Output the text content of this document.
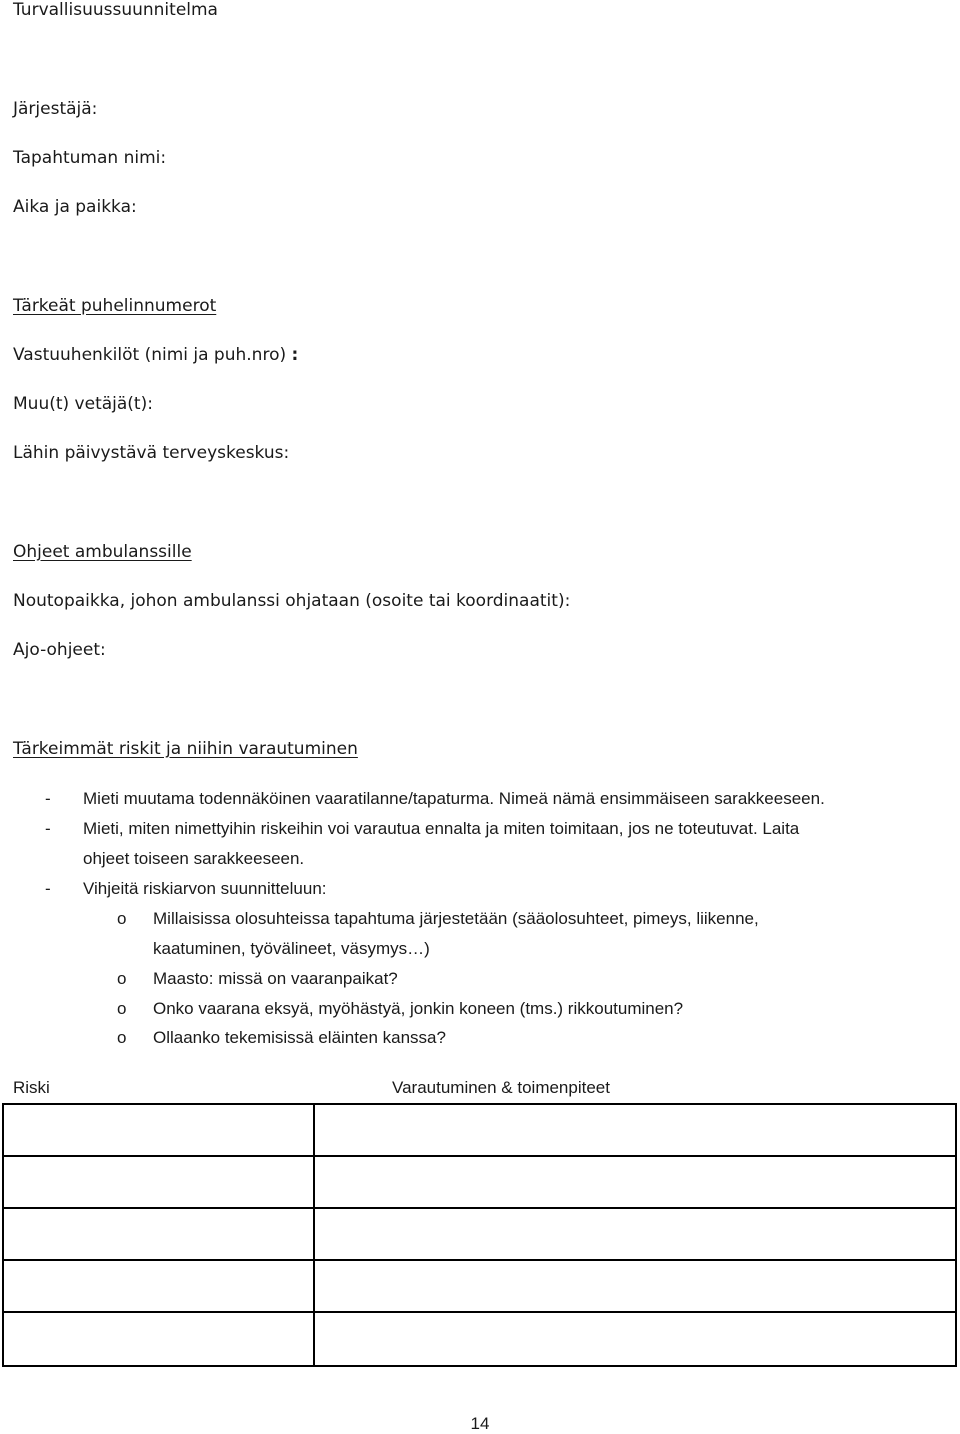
Turvallisuussuunnitelma
Järjestäjä:
Tapahtuman nimi:
Aika ja paikka:
Tärkeät puhelinnumerot
Vastuuhenkilöt (nimi ja puh.nro) :
Muu(t) vetäjä(t):
Lähin päivystävä terveyskeskus:
Ohjeet ambulanssille
Noutopaikka, johon ambulanssi ohjataan (osoite tai koordinaatit):
Ajo-ohjeet:
Tärkeimmät riskit ja niihin varautuminen
- Mieti muutama todennäköinen vaaratilanne/tapaturma. Nimeä nämä ensimmäiseen sarakkeeseen.
- Mieti, miten nimettyihin riskeihin voi varautua ennalta ja miten toimitaan, jos ne toteutuvat. Laita
ohjeet toiseen sarakkeeseen.
- Vihjeitä riskiarvon suunnitteluun:
o Millaisissa olosuhteissa tapahtuma järjestetään (sääolosuhteet, pimeys, liikenne,
kaatuminen, työvälineet, väsymys…)
o Maasto: missä on vaaranpaikat?
o Onko vaarana eksyä, myöhästyä, jonkin koneen (tms.) rikkoutuminen?
o Ollaanko tekemisissä eläinten kanssa?
Riski	Varautuminen & toimenpiteet
14
